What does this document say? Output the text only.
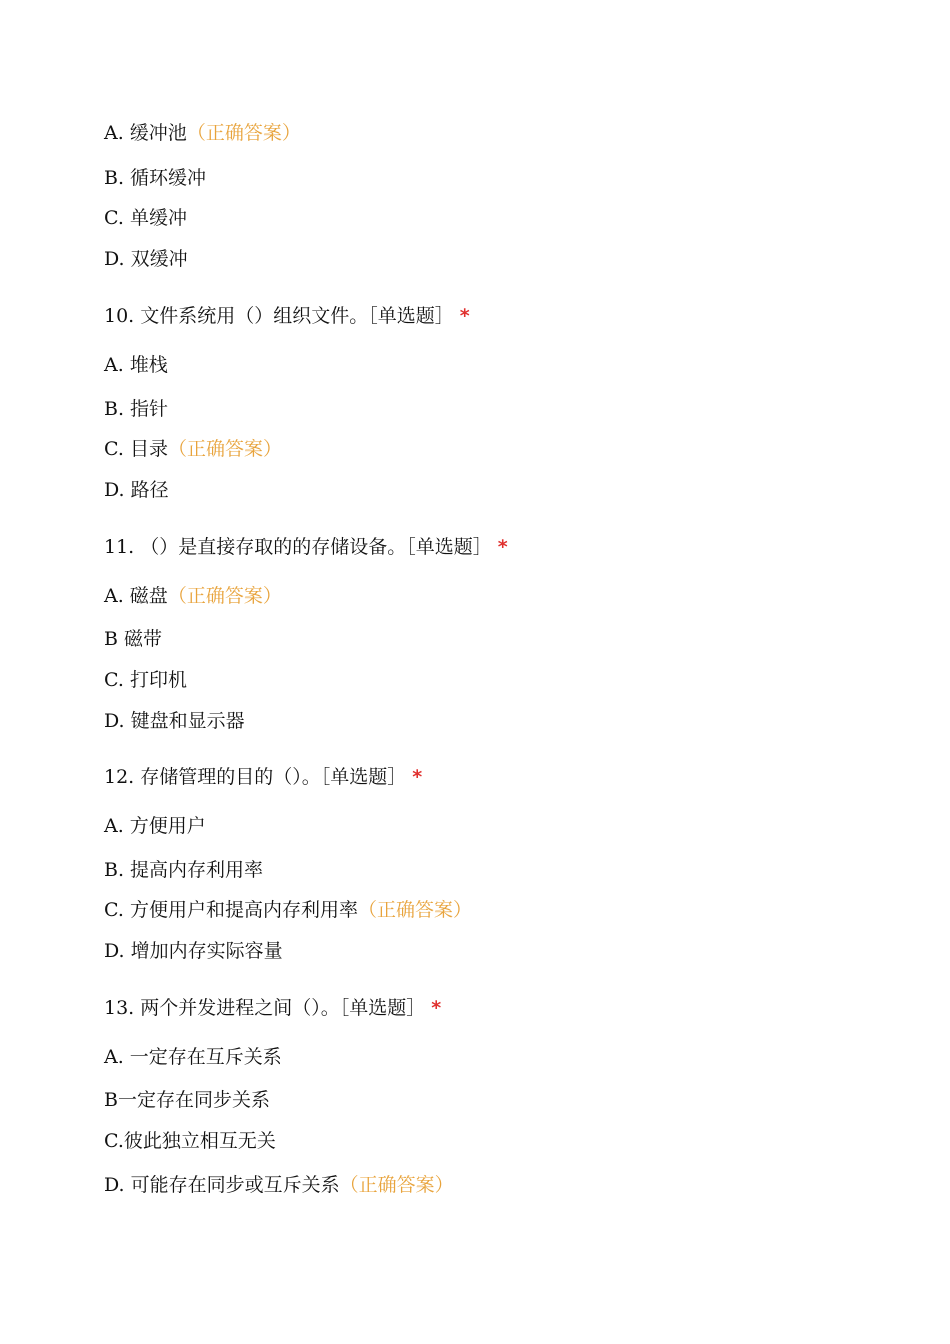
A. 缓冲池（正确答案）
B. 循环缓冲
C. 单缓冲
D. 双缓冲
10. 文件系统用（）组织文件。［单选题］ *
A. 堆栈
B. 指针
C. 目录（正确答案）
D. 路径
11. （）是直接存取的的存储设备。［单选题］ *
A. 磁盘（正确答案）
B 磁带
C. 打印机
D. 键盘和显示器
12. 存储管理的目的（）。［单选题］ *
A. 方便用户
B. 提高内存利用率
C. 方便用户和提高内存利用率（正确答案）
D. 增加内存实际容量
13. 两个并发进程之间（）。［单选题］ *
A. 一定存在互斥关系
B一定存在同步关系
C.彼此独立相互无关
D. 可能存在同步或互斥关系（正确答案）
